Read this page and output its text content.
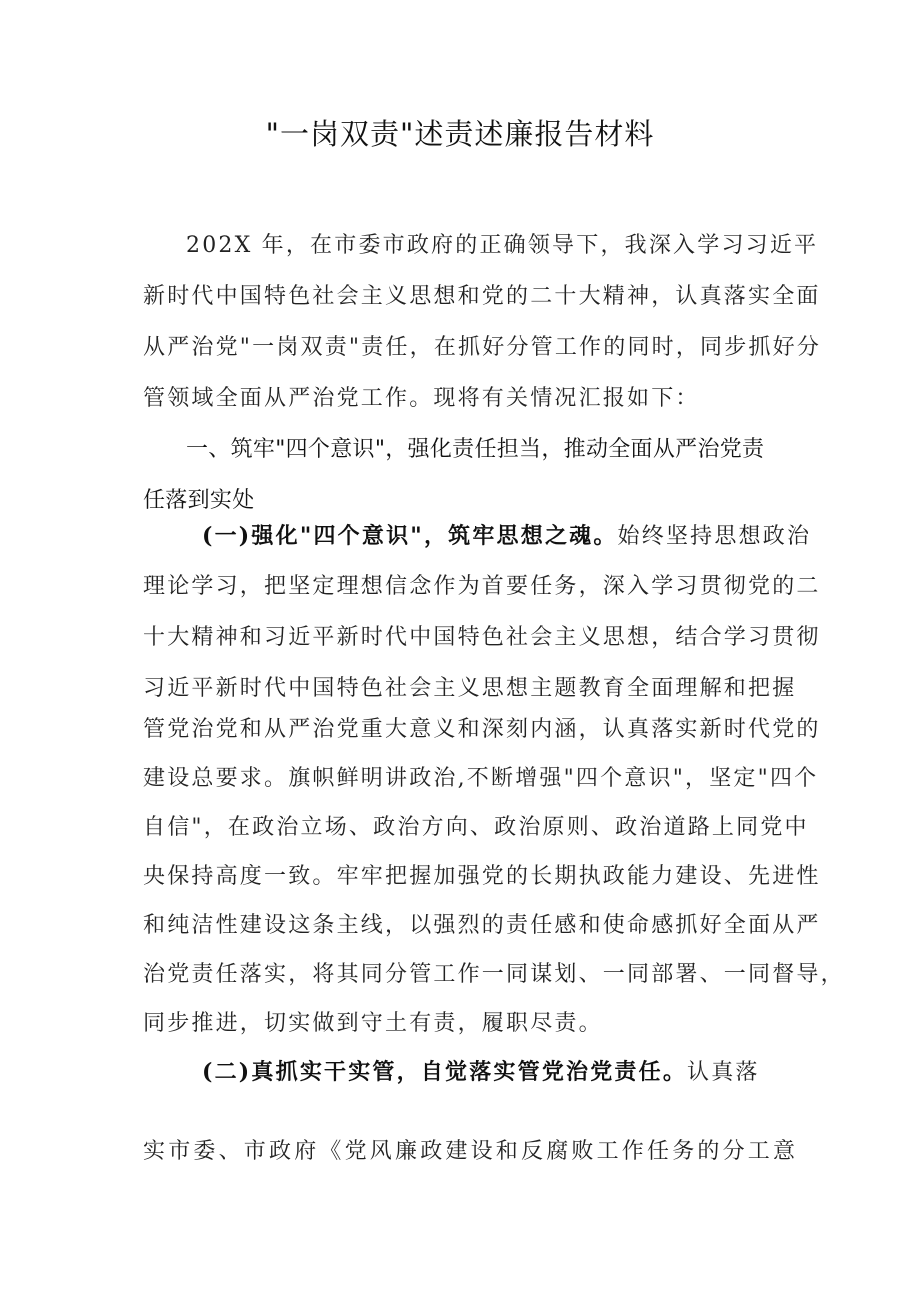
"一岗双责"述责述廉报告材料
202X 年，在市委市政府的正确领导下，我深入学习习近平
新时代中国特色社会主义思想和党的二十大精神，认真落实全面
从严治党"一岗双责"责任，在抓好分管工作的同时，同步抓好分
管领域全面从严治党工作。现将有关情况汇报如下：
一、筑牢"四个意识"，强化责任担当，推动全面从严治党责
任落到实处
(一)强化"四个意识"，筑牢思想之魂。始终坚持思想政治
理论学习，把坚定理想信念作为首要任务，深入学习贯彻党的二
十大精神和习近平新时代中国特色社会主义思想，结合学习贯彻
习近平新时代中国特色社会主义思想主题教育全面理解和把握
管党治党和从严治党重大意义和深刻内涵，认真落实新时代党的
建设总要求。旗帜鲜明讲政治,不断增强"四个意识"，坚定"四个
自信"，在政治立场、政治方向、政治原则、政治道路上同党中
央保持高度一致。牢牢把握加强党的长期执政能力建设、先进性
和纯洁性建设这条主线，以强烈的责任感和使命感抓好全面从严
治党责任落实，将其同分管工作一同谋划、一同部署、一同督导，
同步推进，切实做到守土有责，履职尽责。
(二)真抓实干实管，自觉落实管党治党责任。认真落
实市委、市政府《党风廉政建设和反腐败工作任务的分工意
